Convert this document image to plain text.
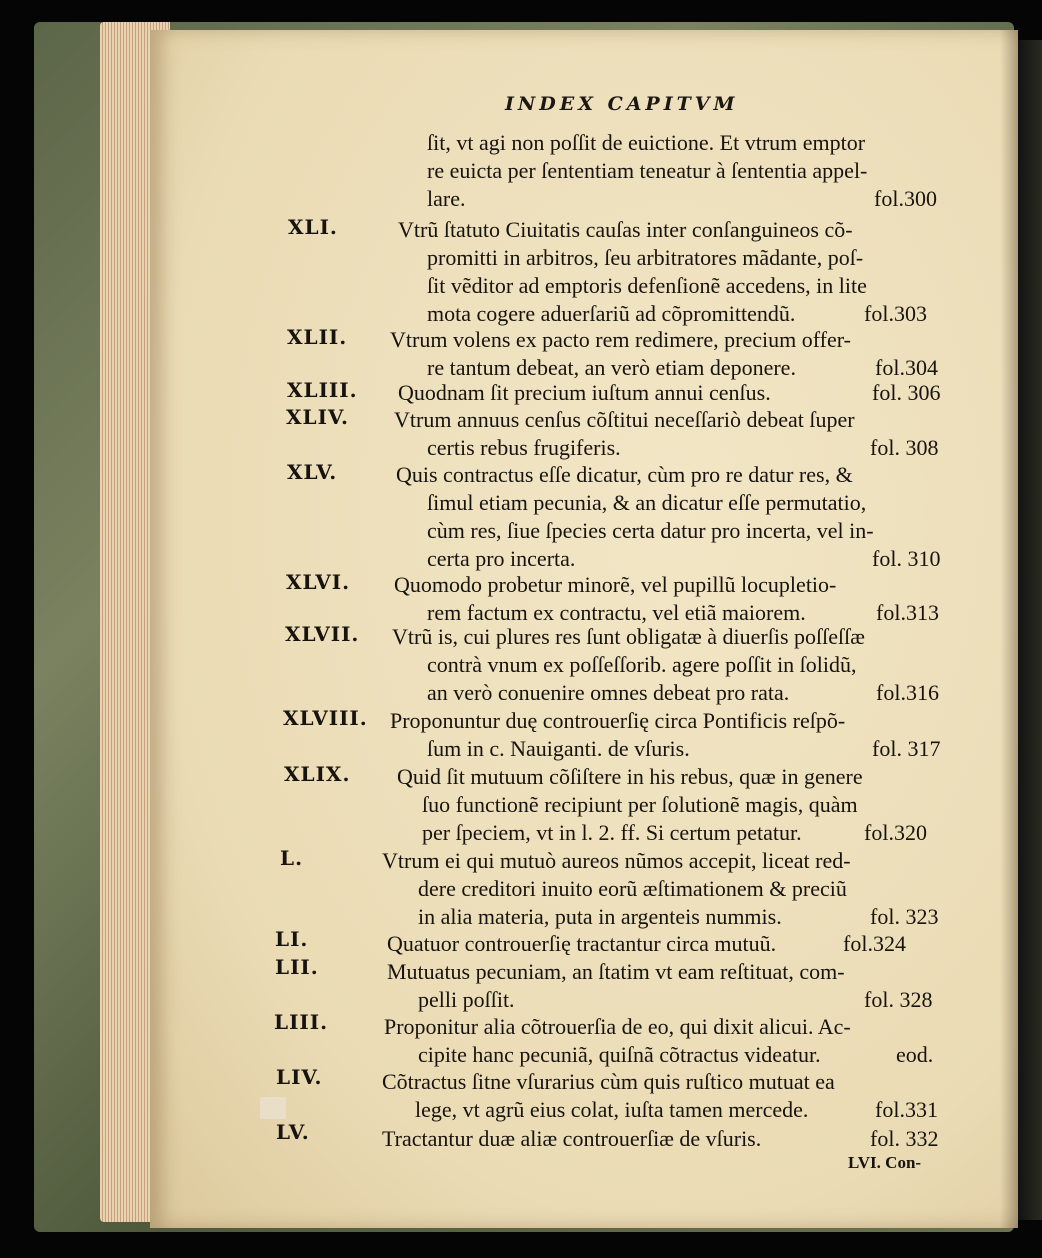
INDEX CAPITVM
ſit, vt agi non poſſit de euictione. Et vtrum emptor
re euicta per ſententiam teneatur à ſententia appel-
lare.	fol.300
XLI.	Vtrũ ſtatuto Ciuitatis cauſas inter conſanguineos cõ-
promitti in arbitros, ſeu arbitratores mãdante, poſ-
ſit vẽditor ad emptoris defenſionẽ accedens, in lite
mota cogere aduerſariũ ad cõpromittendũ.	fol.303
XLII. Vtrum volens ex pacto rem redimere, precium offer-
re tantum debeat, an verò etiam deponere.	fol.304
XLIII. Quodnam ſit precium iuſtum annui cenſus.	fol. 306
XLIV. Vtrum annuus cenſus cõſtitui neceſſariò debeat ſuper
certis rebus frugiferis.	fol. 308
XLV.	Quis contractus eſſe dicatur, cùm pro re datur res, &
ſimul etiam pecunia, & an dicatur eſſe permutatio,
cùm res, ſiue ſpecies certa datur pro incerta, vel in-
certa pro incerta.	fol. 310
XLVI. Quomodo probetur minorẽ, vel pupillũ locupletio-
rem factum ex contractu, vel etiã maiorem.	fol.313
XLVII. Vtrũ is, cui plures res ſunt obligatæ à diuerſis poſſeſſæ
contrà vnum ex poſſeſſorib. agere poſſit in ſolidũ,
an verò conuenire omnes debeat pro rata.	fol.316
XLVIII. Proponuntur duę controuerſię circa Pontificis reſpõ-
ſum in c. Nauiganti. de vſuris.	fol. 317
XLIX. Quid ſit mutuum cõſiſtere in his rebus, quæ in genere
ſuo functionẽ recipiunt per ſolutionẽ magis, quàm
per ſpeciem, vt in l. 2. ff. Si certum petatur.	fol.320
L.	Vtrum ei qui mutuò aureos nũmos accepit, liceat red-
dere creditori inuito eorũ æſtimationem & preciũ
in alia materia, puta in argenteis nummis.	fol. 323
LI.	Quatuor controuerſię tractantur circa mutuũ.	fol.324
LII.	Mutuatus pecuniam, an ſtatim vt eam reſtituat, com-
pelli poſſit.	fol. 328
LIII.	Proponitur alia cõtrouerſia de eo, qui dixit alicui. Ac-
cipite hanc pecuniã, quiſnã cõtractus videatur.	eod.
LIV.	Cõtractus ſitne vſurarius cùm quis ruſtico mutuat ea
lege, vt agrũ eius colat, iuſta tamen mercede.	fol.331
LV.	Tractantur duæ aliæ controuerſiæ de vſuris.	fol. 332
LVI. Con-
